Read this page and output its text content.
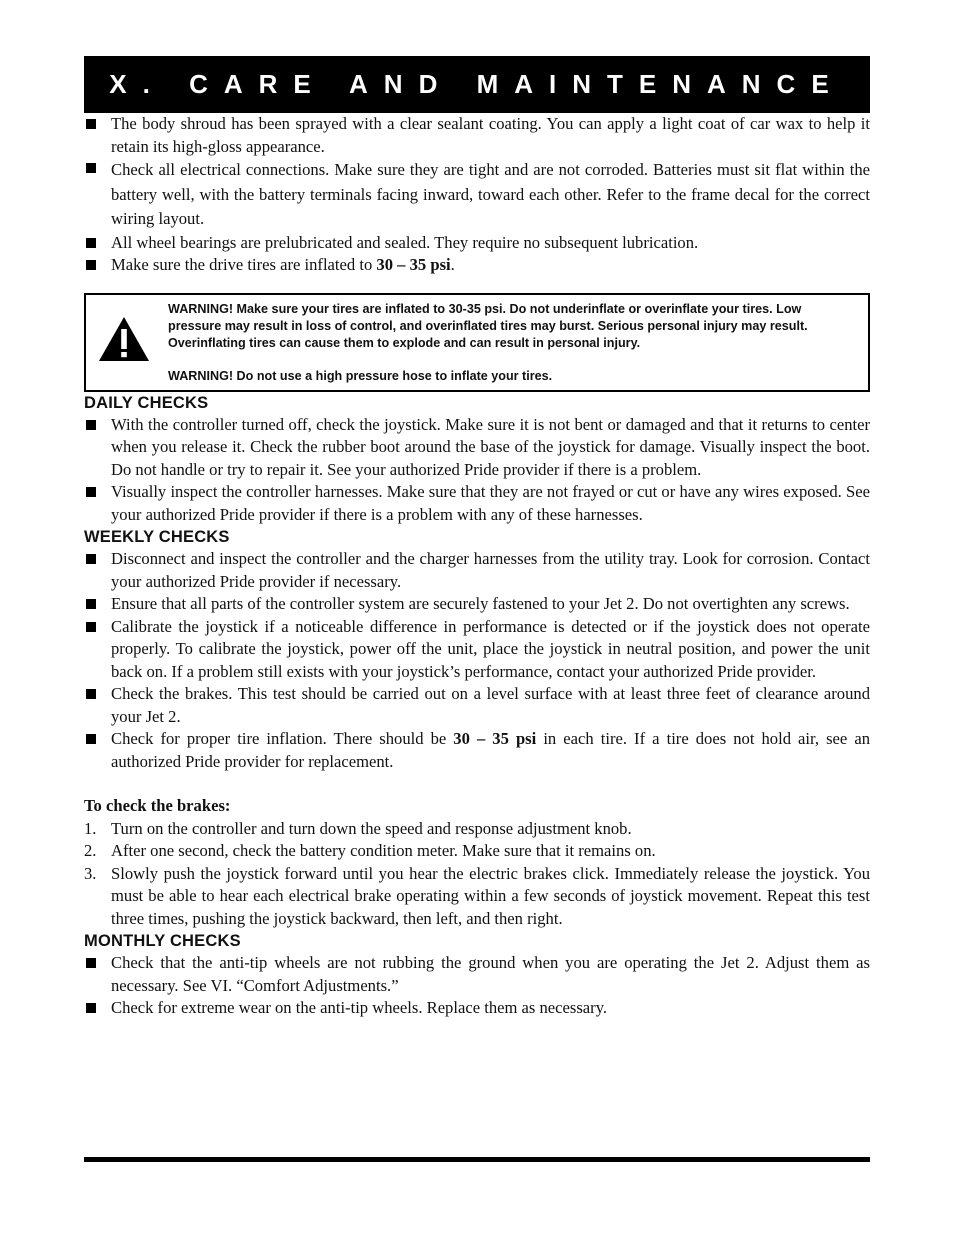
X. CARE AND MAINTENANCE
The body shroud has been sprayed with a clear sealant coating. You can apply a light coat of car wax to help it retain its high-gloss appearance.
Check all electrical connections. Make sure they are tight and are not corroded. Batteries must sit flat within the battery well, with the battery terminals facing inward, toward each other. Refer to the frame decal for the correct wiring layout.
All wheel bearings are prelubricated and sealed. They require no subsequent lubrication.
Make sure the drive tires are inflated to 30 – 35 psi.

WARNING! Make sure your tires are inflated to 30-35 psi. Do not underinflate or overinflate your tires. Low pressure may result in loss of control, and overinflated tires may burst. Serious personal injury may result. Overinflating tires can cause them to explode and can result in personal injury.

WARNING! Do not use a high pressure hose to inflate your tires.

DAILY CHECKS
With the controller turned off, check the joystick. Make sure it is not bent or damaged and that it returns to center when you release it. Check the rubber boot around the base of the joystick for damage. Visually inspect the boot. Do not handle or try to repair it. See your authorized Pride provider if there is a problem.
Visually inspect the controller harnesses. Make sure that they are not frayed or cut or have any wires exposed. See your authorized Pride provider if there is a problem with any of these harnesses.
WEEKLY CHECKS
Disconnect and inspect the controller and the charger harnesses from the utility tray. Look for corrosion. Contact your authorized Pride provider if necessary.
Ensure that all parts of the controller system are securely fastened to your Jet 2. Do not overtighten any screws.
Calibrate the joystick if a noticeable difference in performance is detected or if the joystick does not operate properly. To calibrate the joystick, power off the unit, place the joystick in neutral position, and power the unit back on. If a problem still exists with your joystick’s performance, contact your authorized Pride provider.
Check the brakes. This test should be carried out on a level surface with at least three feet of clearance around your Jet 2.
Check for proper tire inflation. There should be 30 – 35 psi in each tire. If a tire does not hold air, see an authorized Pride provider for replacement.
To check the brakes:
1. Turn on the controller and turn down the speed and response adjustment knob.
2. After one second, check the battery condition meter. Make sure that it remains on.
3. Slowly push the joystick forward until you hear the electric brakes click. Immediately release the joystick. You must be able to hear each electrical brake operating within a few seconds of joystick movement. Repeat this test three times, pushing the joystick backward, then left, and then right.
MONTHLY CHECKS
Check that the anti-tip wheels are not rubbing the ground when you are operating the Jet 2. Adjust them as necessary. See VI. “Comfort Adjustments.”
Check for extreme wear on the anti-tip wheels. Replace them as necessary.
